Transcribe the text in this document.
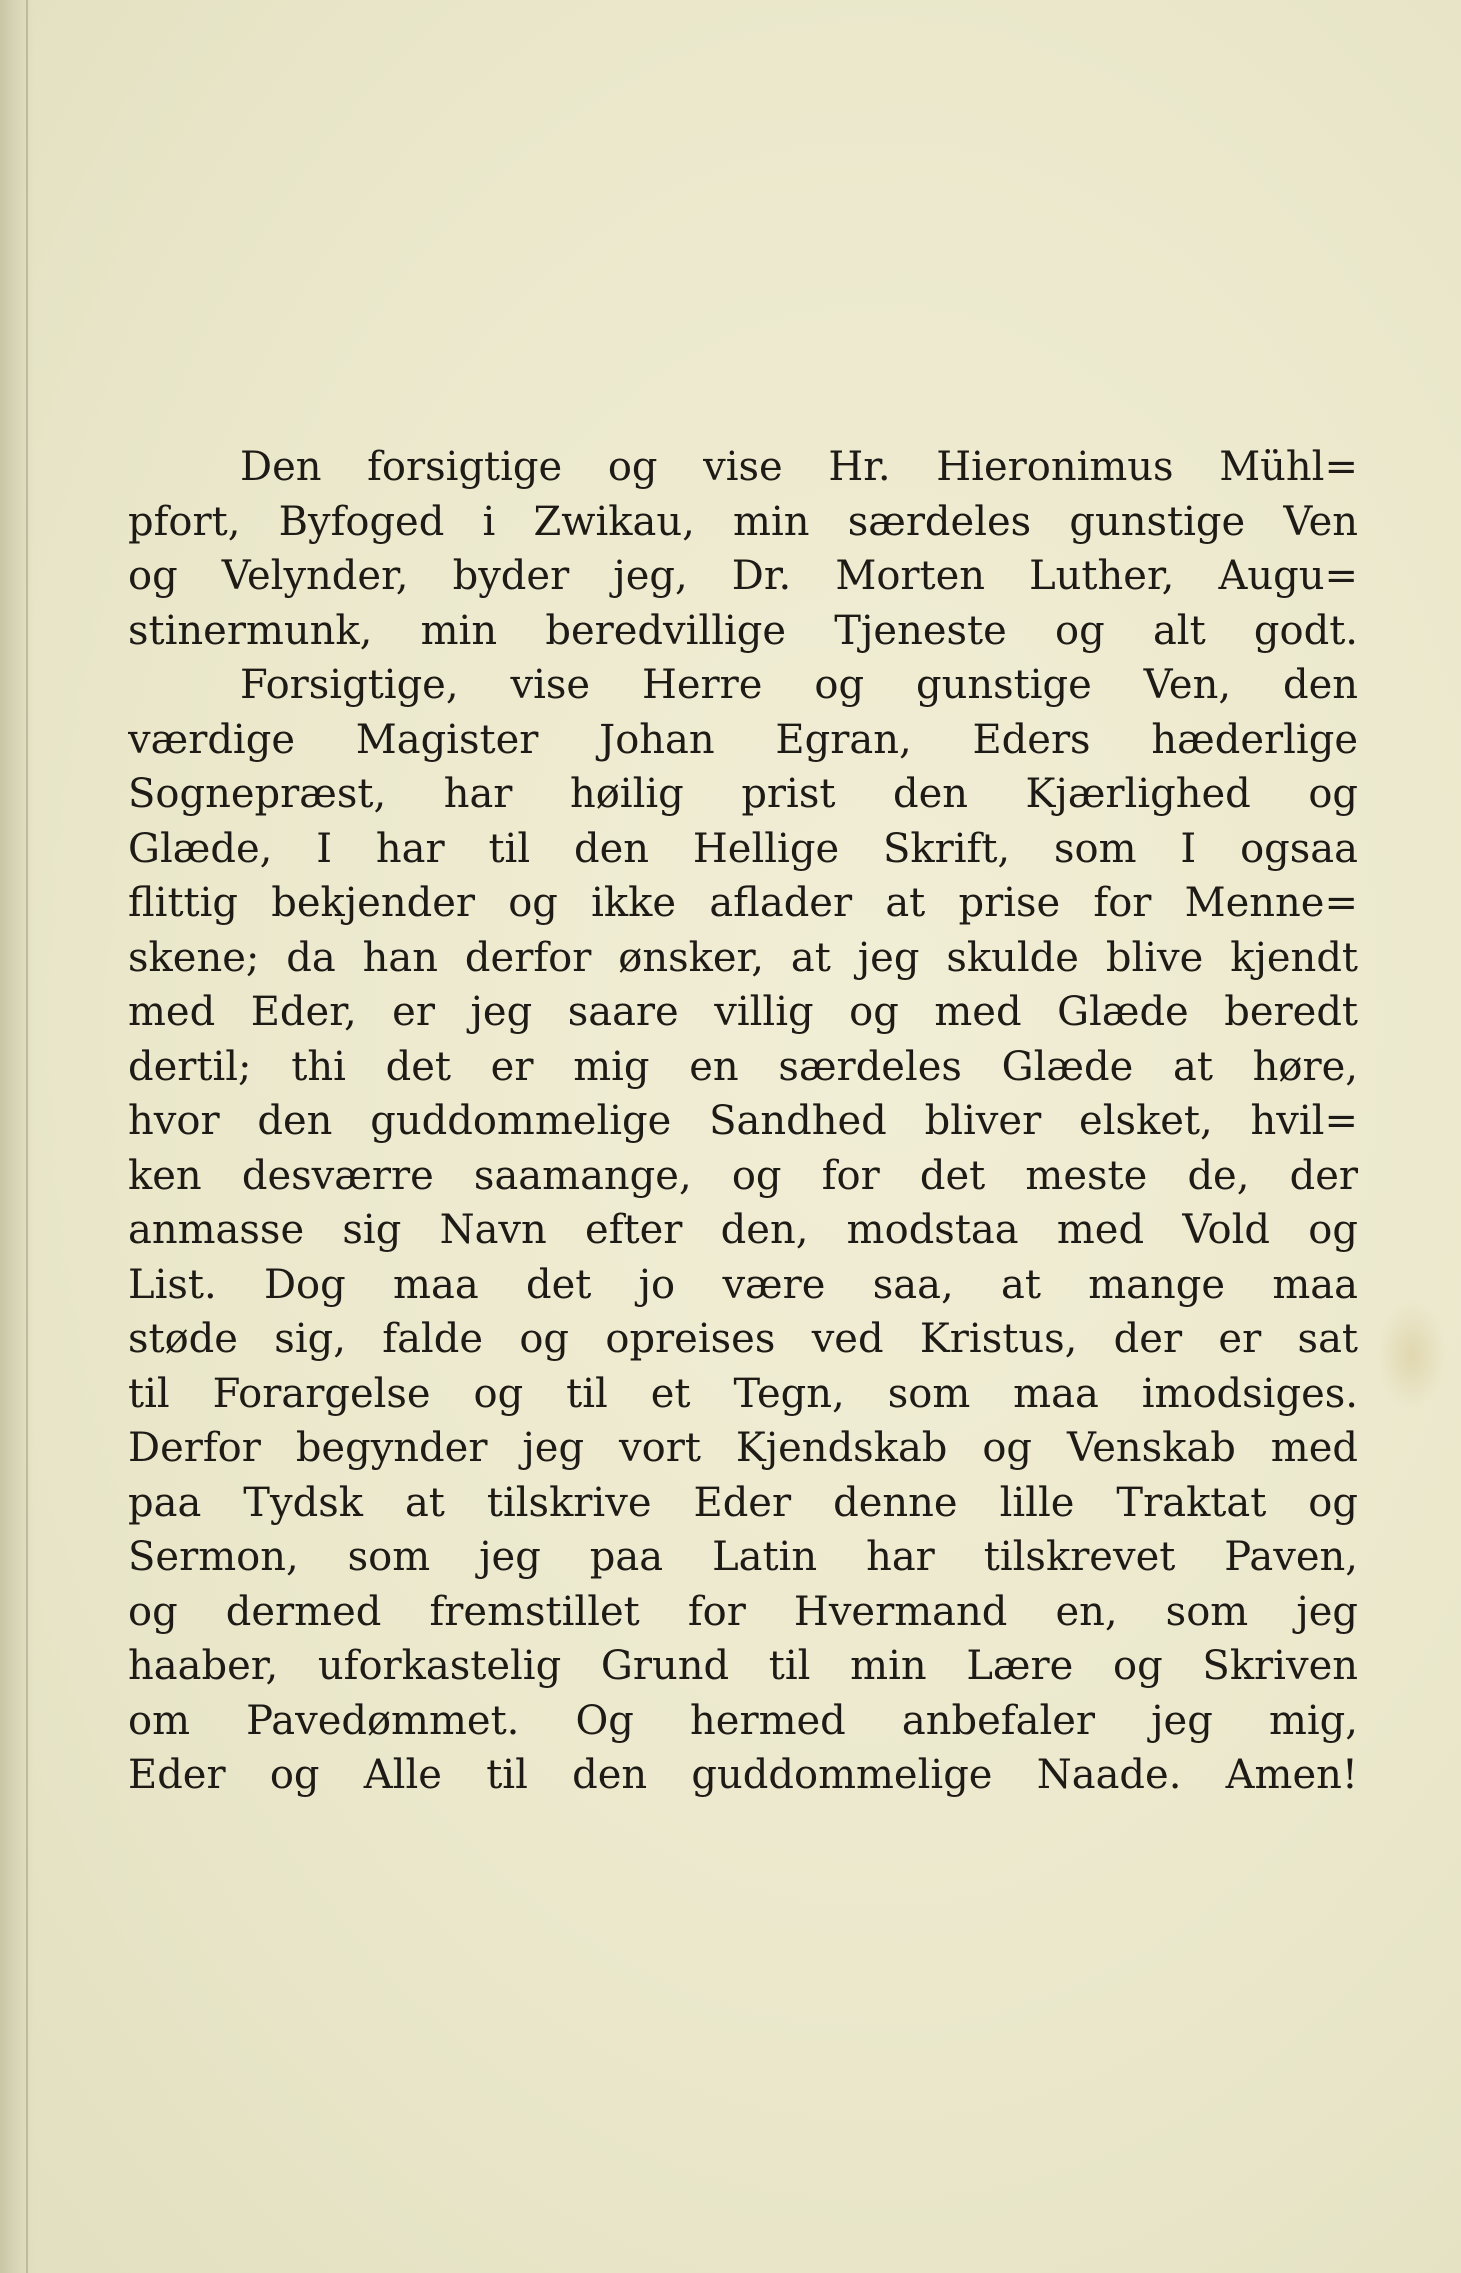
Den forsigtige og vise Hr. Hieronimus Mühl=
pfort, Byfoged i Zwikau, min særdeles gunstige Ven
og Velynder, byder jeg, Dr. Morten Luther, Augu=
stinermunk, min beredvillige Tjeneste og alt godt.
Forsigtige, vise Herre og gunstige Ven, den
værdige Magister Johan Egran, Eders hæderlige
Sognepræst, har høilig prist den Kjærlighed og
Glæde, I har til den Hellige Skrift, som I ogsaa
flittig bekjender og ikke aflader at prise for Menne=
skene; da han derfor ønsker, at jeg skulde blive kjendt
med Eder, er jeg saare villig og med Glæde beredt
dertil; thi det er mig en særdeles Glæde at høre,
hvor den guddommelige Sandhed bliver elsket, hvil=
ken desværre saamange, og for det meste de, der
anmasse sig Navn efter den, modstaa med Vold og
List. Dog maa det jo være saa, at mange maa
støde sig, falde og opreises ved Kristus, der er sat
til Forargelse og til et Tegn, som maa imodsiges.
Derfor begynder jeg vort Kjendskab og Venskab med
paa Tydsk at tilskrive Eder denne lille Traktat og
Sermon, som jeg paa Latin har tilskrevet Paven,
og dermed fremstillet for Hvermand en, som jeg
haaber, uforkastelig Grund til min Lære og Skriven
om Pavedømmet. Og hermed anbefaler jeg mig,
Eder og Alle til den guddommelige Naade. Amen!
